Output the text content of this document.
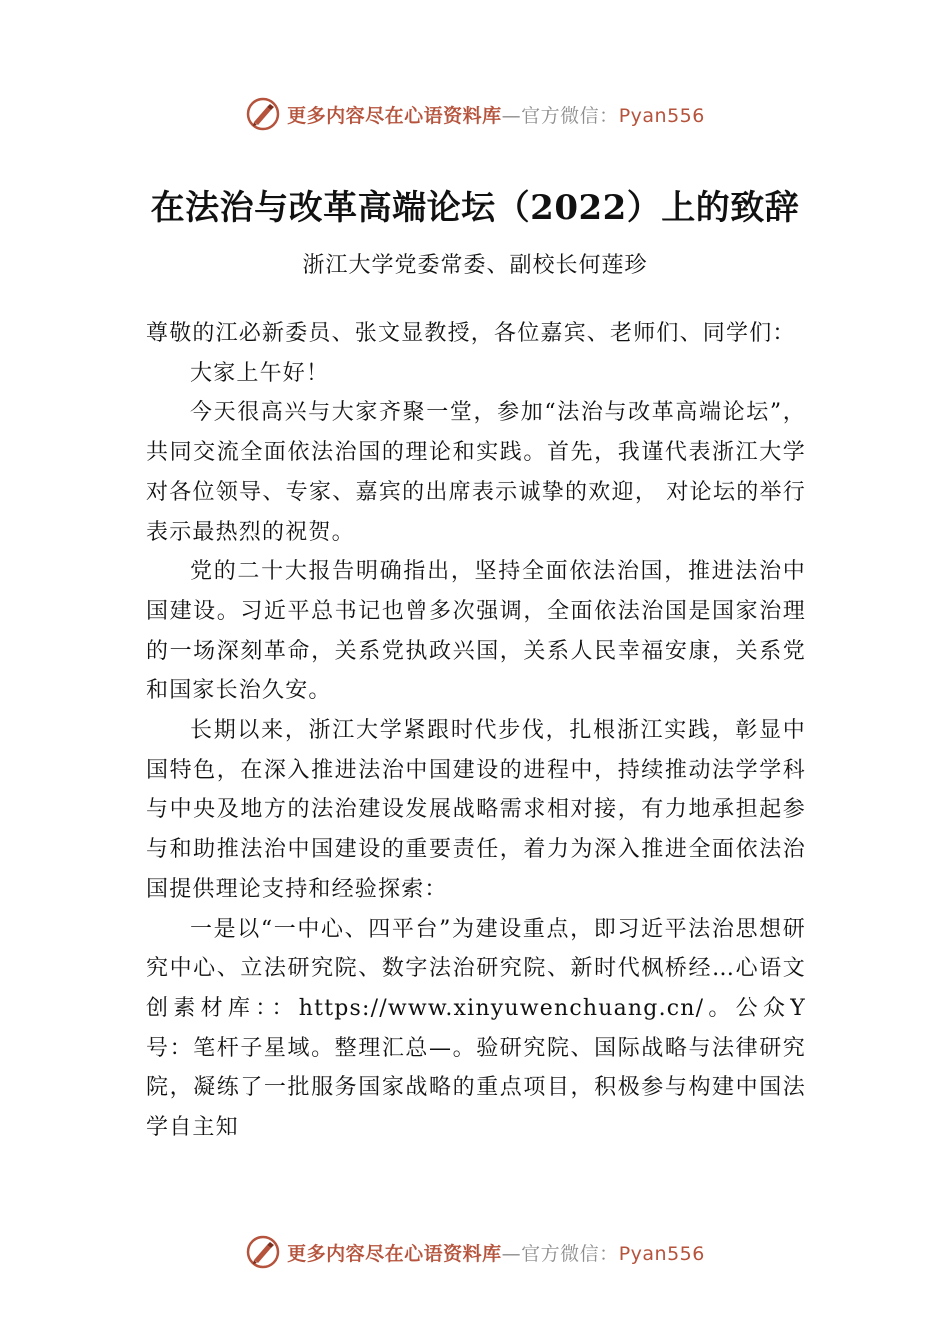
更多内容尽在心语资料库—官方微信：Pyan556
在法治与改革高端论坛（2022）上的致辞
浙江大学党委常委、副校长何莲珍

尊敬的江必新委员、张文显教授，各位嘉宾、老师们、同学们：

大家上午好！

今天很高兴与大家齐聚一堂，参加“法治与改革高端论坛”，共同交流全面依法治国的理论和实践。首先，我谨代表浙江大学对各位领导、专家、嘉宾的出席表示诚挚的欢迎， 对论坛的举行表示最热烈的祝贺。

党的二十大报告明确指出，坚持全面依法治国，推进法治中国建设。习近平总书记也曾多次强调，全面依法治国是国家治理的一场深刻革命，关系党执政兴国，关系人民幸福安康，关系党和国家长治久安。

长期以来，浙江大学紧跟时代步伐，扎根浙江实践，彰显中国特色，在深入推进法治中国建设的进程中，持续推动法学学科与中央及地方的法治建设发展战略需求相对接，有力地承担起参与和助推法治中国建设的重要责任，着力为深入推进全面依法治国提供理论支持和经验探索：

一是以“一中心、四平台”为建设重点，即习近平法治思想研究中心、立法研究院、数字法治研究院、新时代枫桥经…心语文创素材库：：https://www.xinyuwenchuang.cn/。公众Y号：笔杆子星域。整理汇总—。验研究院、国际战略与法律研究院，凝练了一批服务国家战略的重点项目，积极参与构建中国法学自主知

更多内容尽在心语资料库—官方微信：Pyan556
